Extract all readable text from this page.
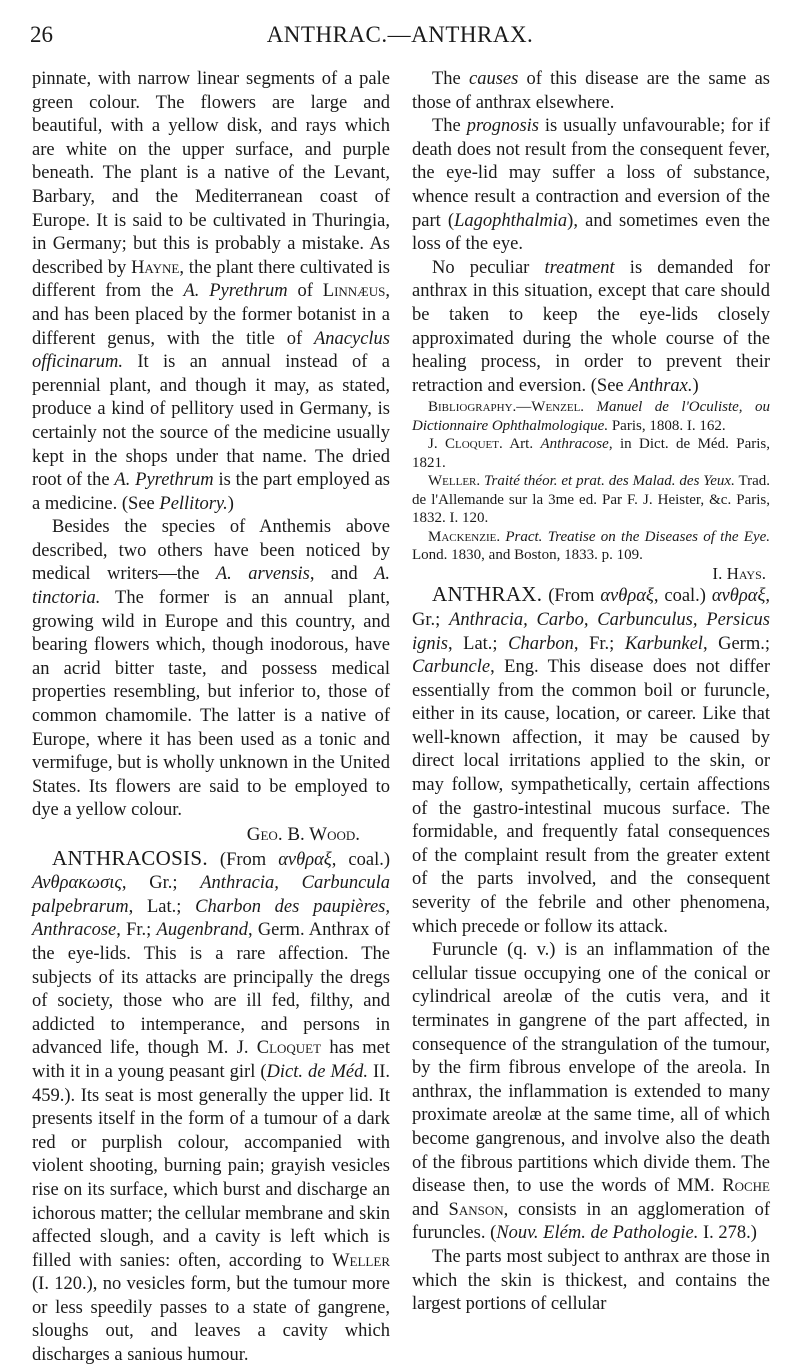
26	ANTHRAC.—ANTHRAX.

pinnate, with narrow linear segments of a pale green colour. The flowers are large and beautiful, with a yellow disk, and rays which are white on the upper surface, and purple beneath. The plant is a native of the Levant, Barbary, and the Mediterranean coast of Europe. It is said to be cultivated in Thuringia, in Germany; but this is probably a mistake. As described by Hayne, the plant there cultivated is different from the A. Pyrethrum of Linnæus, and has been placed by the former botanist in a different genus, with the title of Anacyclus officinarum. It is an annual instead of a perennial plant, and though it may, as stated, produce a kind of pellitory used in Germany, is certainly not the source of the medicine usually kept in the shops under that name. The dried root of the A. Pyrethrum is the part employed as a medicine. (See Pellitory.)

Besides the species of Anthemis above described, two others have been noticed by medical writers—the A. arvensis, and A. tinctoria. The former is an annual plant, growing wild in Europe and this country, and bearing flowers which, though inodorous, have an acrid bitter taste, and possess medical properties resembling, but inferior to, those of common chamomile. The latter is a native of Europe, where it has been used as a tonic and vermifuge, but is wholly unknown in the United States. Its flowers are said to be employed to dye a yellow colour.

Geo. B. Wood.

ANTHRACOSIS. (From ανθραξ, coal.) Ανθρακωσις, Gr.; Anthracia, Carbuncula palpebrarum, Lat.; Charbon des paupières, Anthracose, Fr.; Augenbrand, Germ. Anthrax of the eye-lids. This is a rare affection. The subjects of its attacks are principally the dregs of society, those who are ill fed, filthy, and addicted to intemperance, and persons in advanced life, though M. J. Cloquet has met with it in a young peasant girl (Dict. de Méd. II. 459.). Its seat is most generally the upper lid. It presents itself in the form of a tumour of a dark red or purplish colour, accompanied with violent shooting, burning pain; grayish vesicles rise on its surface, which burst and discharge an ichorous matter; the cellular membrane and skin affected slough, and a cavity is left which is filled with sanies: often, according to Weller (I. 120.), no vesicles form, but the tumour more or less speedily passes to a state of gangrene, sloughs out, and leaves a cavity which discharges a sanious humour.

The causes of this disease are the same as those of anthrax elsewhere.

The prognosis is usually unfavourable; for if death does not result from the consequent fever, the eye-lid may suffer a loss of substance, whence result a contraction and eversion of the part (Lagophthalmia), and sometimes even the loss of the eye.

No peculiar treatment is demanded for anthrax in this situation, except that care should be taken to keep the eye-lids closely approximated during the whole course of the healing process, in order to prevent their retraction and eversion. (See Anthrax.)

Bibliography.—Wenzel. Manuel de l'Oculiste, ou Dictionnaire Ophthalmologique. Paris, 1808. I. 162.

J. Cloquet. Art. Anthracose, in Dict. de Méd. Paris, 1821.

Weller. Traité théor. et prat. des Malad. des Yeux. Trad. de l'Allemande sur la 3me ed. Par F. J. Heister, &c. Paris, 1832. I. 120.

Mackenzie. Pract. Treatise on the Diseases of the Eye. Lond. 1830, and Boston, 1833. p. 109.

I. Hays.

ANTHRAX. (From ανθραξ, coal.) ανθραξ, Gr.; Anthracia, Carbo, Carbunculus, Persicus ignis, Lat.; Charbon, Fr.; Karbunkel, Germ.; Carbuncle, Eng. This disease does not differ essentially from the common boil or furuncle, either in its cause, location, or career. Like that well-known affection, it may be caused by direct local irritations applied to the skin, or may follow, sympathetically, certain affections of the gastro-intestinal mucous surface. The formidable, and frequently fatal consequences of the complaint result from the greater extent of the parts involved, and the consequent severity of the febrile and other phenomena, which precede or follow its attack.

Furuncle (q. v.) is an inflammation of the cellular tissue occupying one of the conical or cylindrical areolæ of the cutis vera, and it terminates in gangrene of the part affected, in consequence of the strangulation of the tumour, by the firm fibrous envelope of the areola. In anthrax, the inflammation is extended to many proximate areolæ at the same time, all of which become gangrenous, and involve also the death of the fibrous partitions which divide them. The disease then, to use the words of MM. Roche and Sanson, consists in an agglomeration of furuncles. (Nouv. Elém. de Pathologie. I. 278.)

The parts most subject to anthrax are those in which the skin is thickest, and contains the largest portions of cellular
